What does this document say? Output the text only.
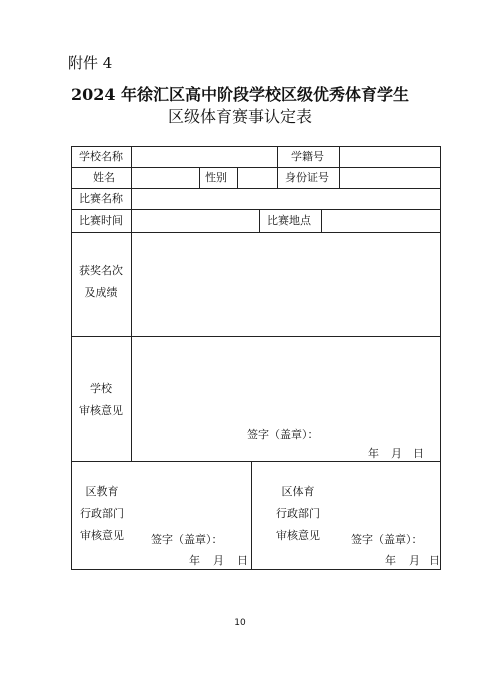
附件 4
2024 年徐汇区高中阶段学校区级优秀体育学生
区级体育赛事认定表
学校名称	学籍号
姓名	性别	身份证号
比赛名称
比赛时间	比赛地点
获奖名次
及成绩
学校
审核意见
签字（盖章）：
年 月 日
区教育
行政部门
审核意见	签字（盖章）：
年 月 日
区体育
行政部门
审核意见	签字（盖章）：
年 月 日
10
